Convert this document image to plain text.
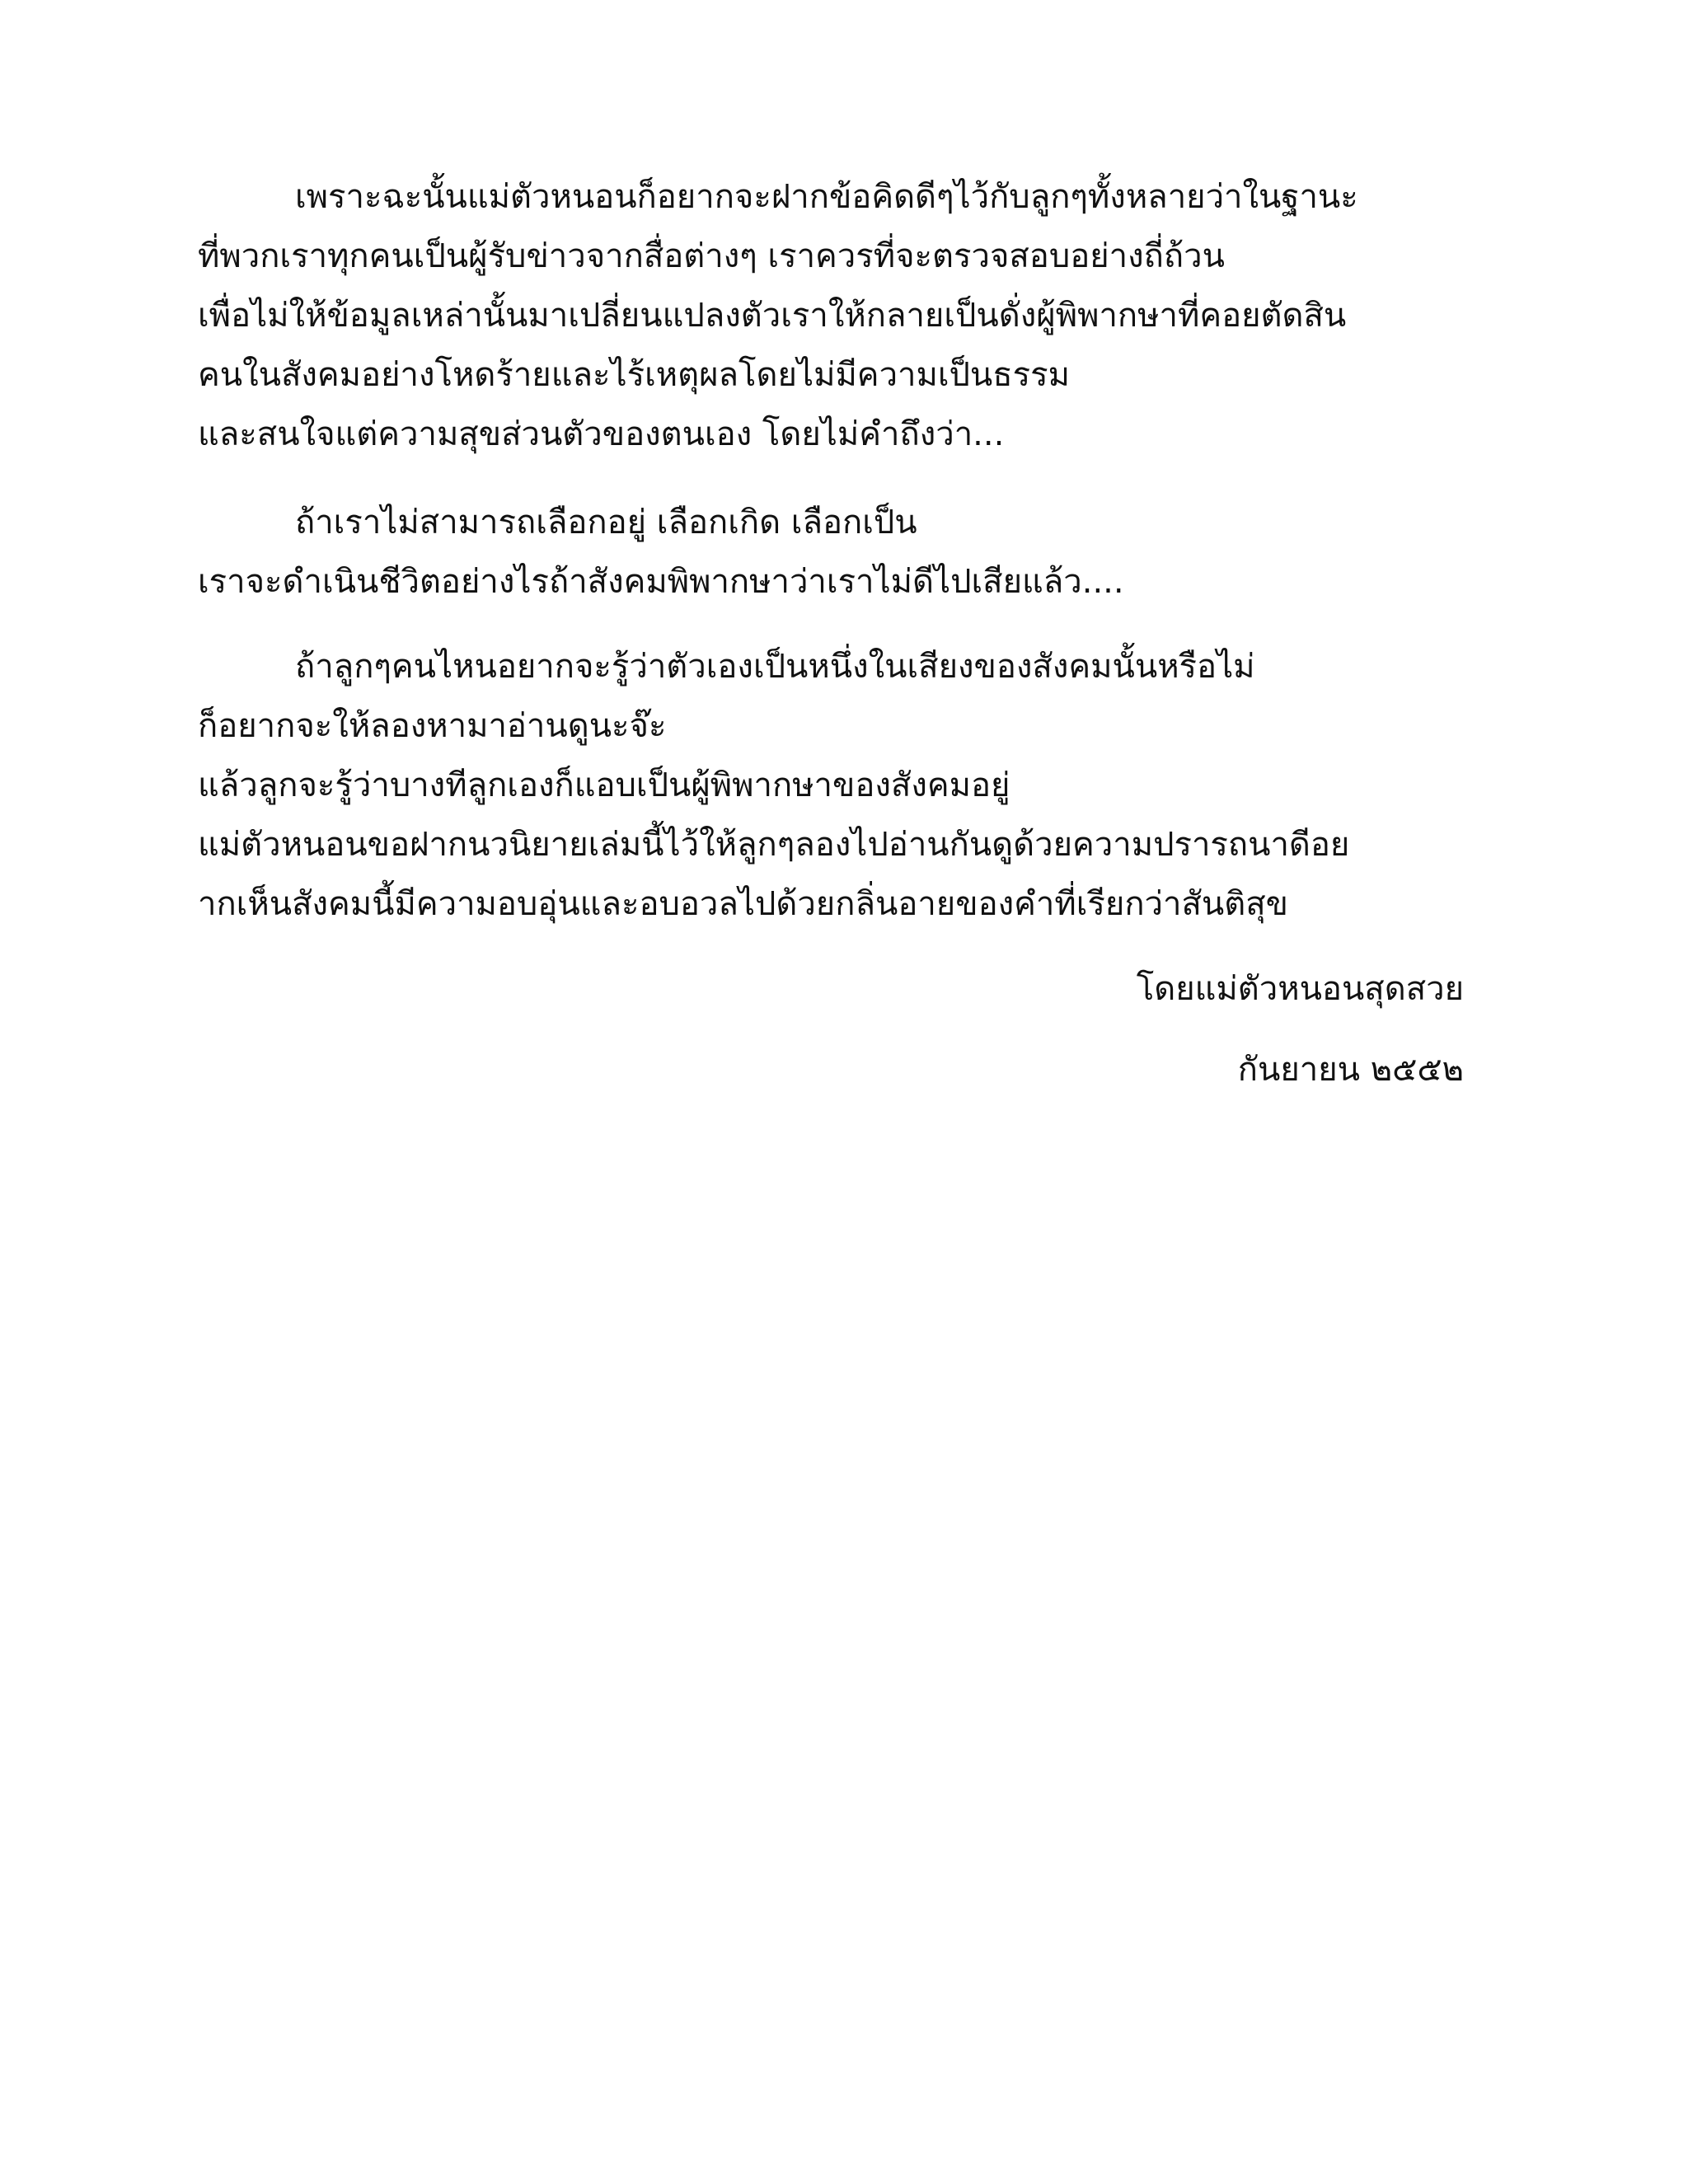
เพราะฉะนั้นแม่ตัวหนอนก็อยากจะฝากข้อคิดดีๆไว้กับลูกๆทั้งหลายว่าในฐานะ
ที่พวกเราทุกคนเป็นผู้รับข่าวจากสื่อต่างๆ เราควรที่จะตรวจสอบอย่างถี่ถ้วน
เพื่อไม่ให้ข้อมูลเหล่านั้นมาเปลี่ยนแปลงตัวเราให้กลายเป็นดั่งผู้พิพากษาที่คอยตัดสิน
คนในสังคมอย่างโหดร้ายและไร้เหตุผลโดยไม่มีความเป็นธรรม
และสนใจแต่ความสุขส่วนตัวของตนเอง โดยไม่คำถึงว่า...
ถ้าเราไม่สามารถเลือกอยู่ เลือกเกิด เลือกเป็น
เราจะดำเนินชีวิตอย่างไรถ้าสังคมพิพากษาว่าเราไม่ดีไปเสียแล้ว....
ถ้าลูกๆคนไหนอยากจะรู้ว่าตัวเองเป็นหนึ่งในเสียงของสังคมนั้นหรือไม่
ก็อยากจะให้ลองหามาอ่านดูนะจ๊ะ
แล้วลูกจะรู้ว่าบางทีลูกเองก็แอบเป็นผู้พิพากษาของสังคมอยู่
แม่ตัวหนอนขอฝากนวนิยายเล่มนี้ไว้ให้ลูกๆลองไปอ่านกันดูด้วยความปรารถนาดีอย
ากเห็นสังคมนี้มีความอบอุ่นและอบอวลไปด้วยกลิ่นอายของคำที่เรียกว่าสันติสุข
โดยแม่ตัวหนอนสุดสวย
กันยายน ๒๕๕๒
